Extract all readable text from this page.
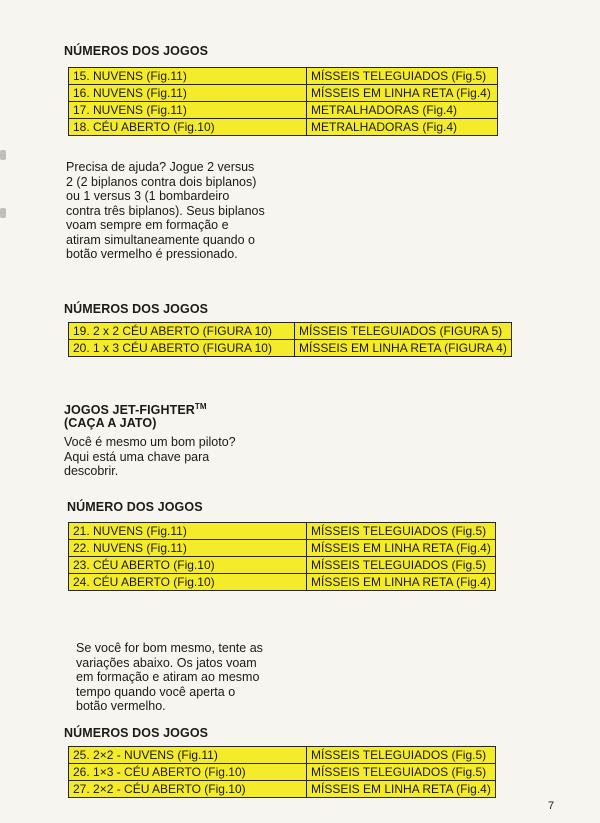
NÚMEROS DOS JOGOS
15. NUVENS (Fig.11)	MÍSSEIS TELEGUIADOS (Fig.5)
16. NUVENS (Fig.11)	MÍSSEIS EM LINHA RETA (Fig.4)
17. NUVENS (Fig.11)	METRALHADORAS (Fig.4)
18. CÉU ABERTO (Fig.10)	METRALHADORAS (Fig.4)
Precisa de ajuda? Jogue 2 versus
2 (2 biplanos contra dois biplanos)
ou 1 versus 3 (1 bombardeiro
contra três biplanos). Seus biplanos
voam sempre em formação e
atiram simultaneamente quando o
botão vermelho é pressionado.
NÚMEROS DOS JOGOS
19. 2 x 2 CÉU ABERTO (FIGURA 10)	MÍSSEIS TELEGUIADOS (FIGURA 5)
20. 1 x 3 CÉU ABERTO (FIGURA 10)	MÍSSEIS EM LINHA RETA (FIGURA 4)
JOGOS JET-FIGHTER™
(CAÇA A JATO)
Você é mesmo um bom piloto?
Aqui está uma chave para
descobrir.
NÚMERO DOS JOGOS
21. NUVENS (Fig.11)	MÍSSEIS TELEGUIADOS (Fig.5)
22. NUVENS (Fig.11)	MÍSSEIS EM LINHA RETA (Fig.4)
23. CÉU ABERTO (Fig.10)	MÍSSEIS TELEGUIADOS (Fig.5)
24. CÉU ABERTO (Fig.10)	MÍSSEIS EM LINHA RETA (Fig.4)
Se você for bom mesmo, tente as
variações abaixo. Os jatos voam
em formação e atiram ao mesmo
tempo quando você aperta o
botão vermelho.
NÚMEROS DOS JOGOS
25. 2×2 - NUVENS (Fig.11)	MÍSSEIS TELEGUIADOS (Fig.5)
26. 1×3 - CÉU ABERTO (Fig.10)	MÍSSEIS TELEGUIADOS (Fig.5)
27. 2×2 - CÉU ABERTO (Fig.10)	MÍSSEIS EM LINHA RETA (Fig.4)
7
